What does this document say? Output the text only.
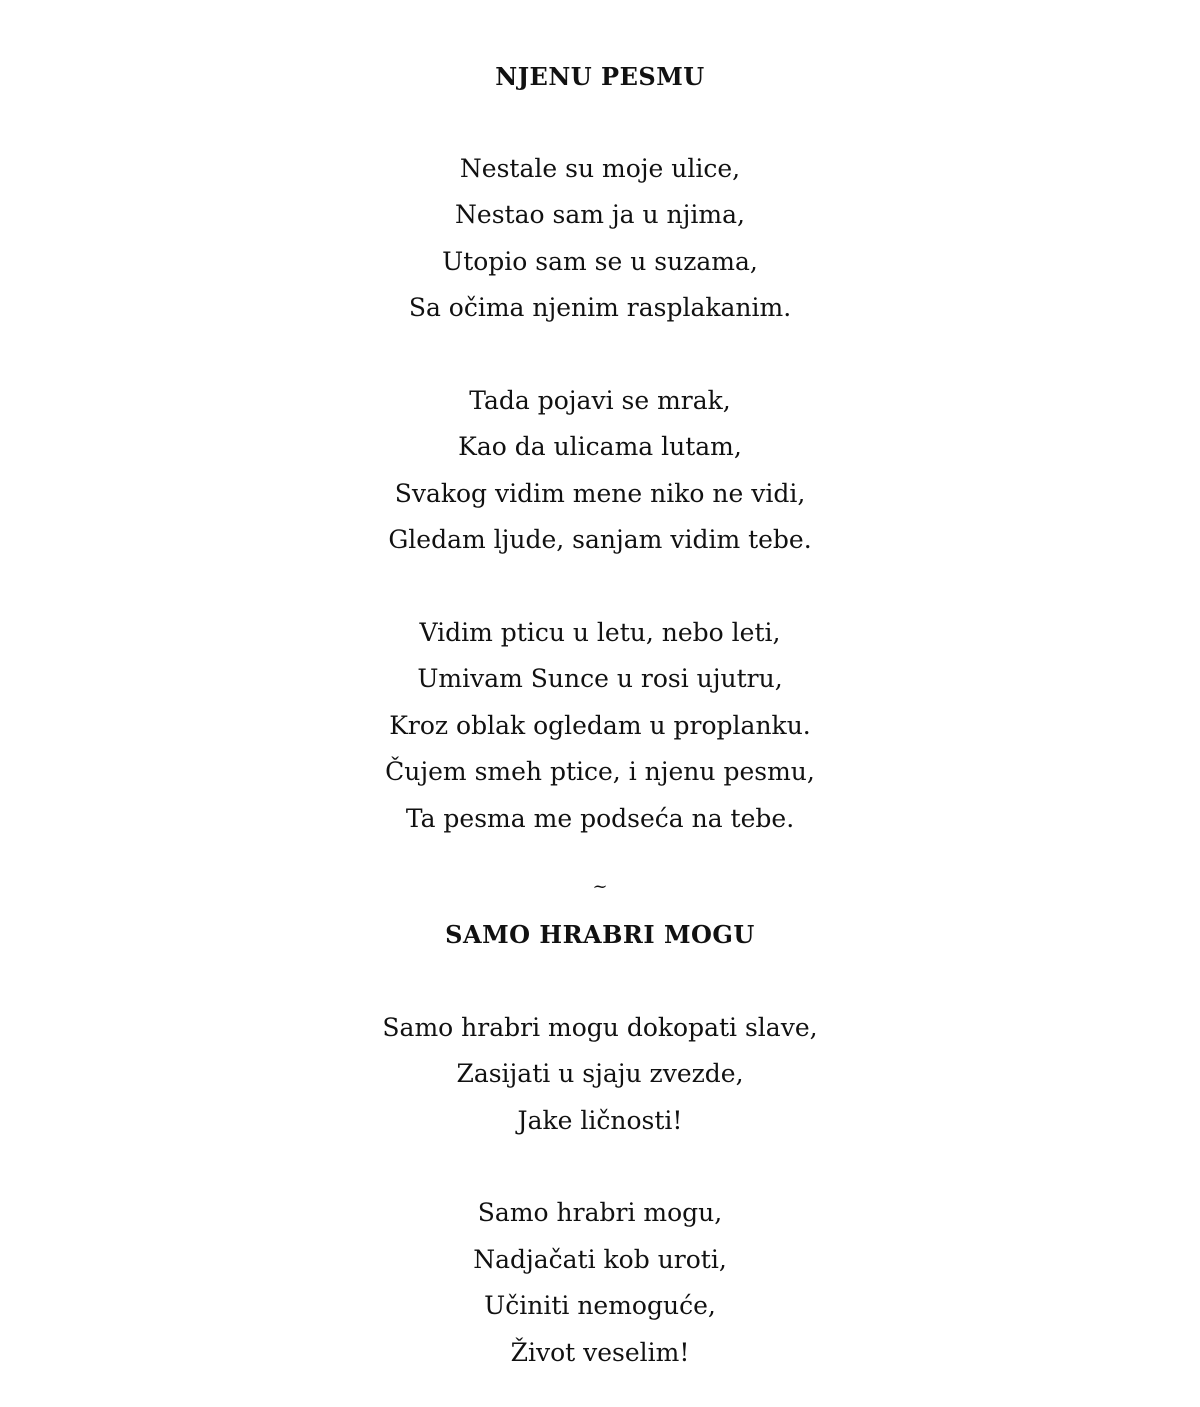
NJENU PESMU
Nestale su moje ulice,
Nestao sam ja u njima,
Utopio sam se u suzama,
Sa očima njenim rasplakanim.
Tada pojavi se mrak,
Kao da ulicama lutam,
Svakog vidim mene niko ne vidi,
Gledam ljude, sanjam vidim tebe.
Vidim pticu u letu, nebo leti,
Umivam Sunce u rosi ujutru,
Kroz oblak ogledam u proplanku.
Čujem smeh ptice, i njenu pesmu,
Ta pesma me podseća na tebe.
~
SAMO HRABRI MOGU
Samo hrabri mogu dokopati slave,
Zasijati u sjaju zvezde,
Jake ličnosti!
Samo hrabri mogu,
Nadjačati kob uroti,
Učiniti nemoguće,
Život veselim!
